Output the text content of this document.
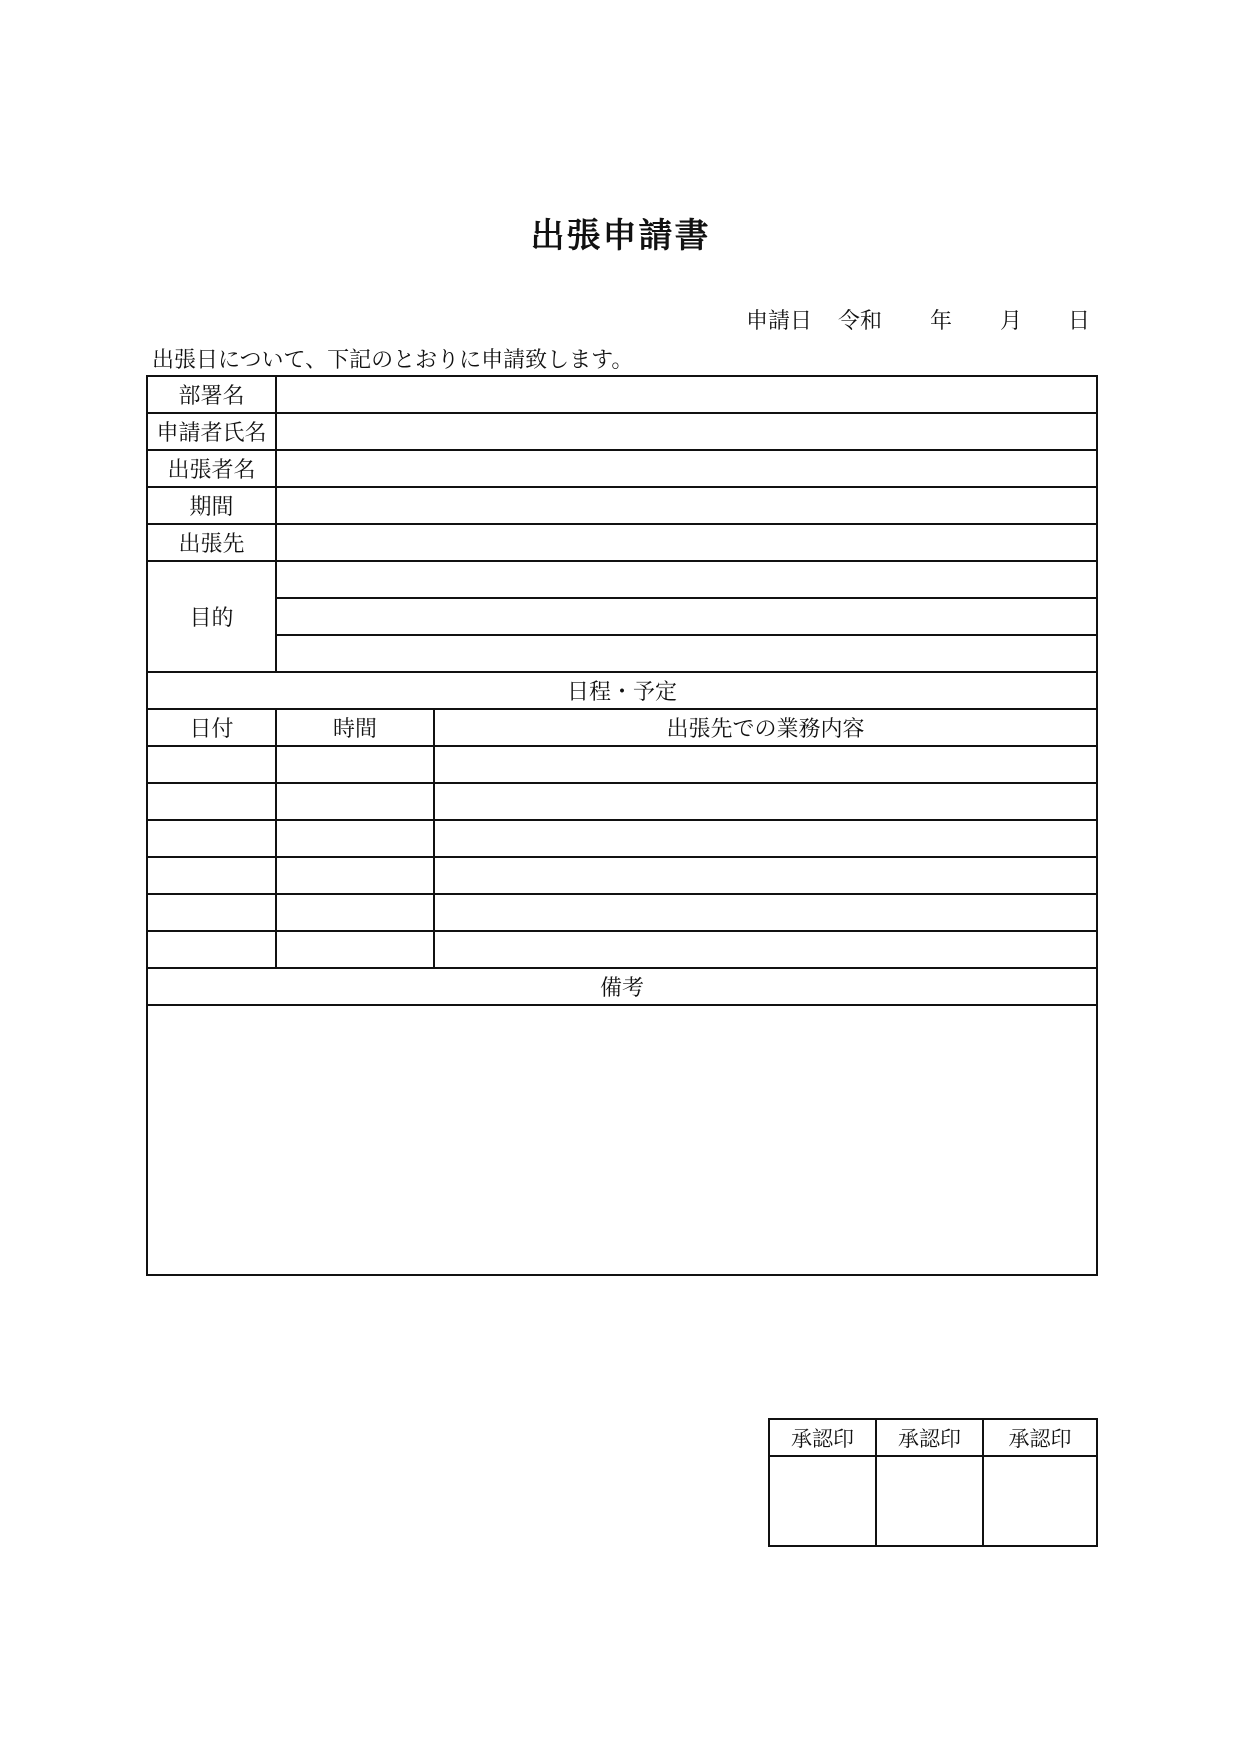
出張申請書
申請日 令和 年 月 日
出張日について、下記のとおりに申請致します。
部署名		
申請者氏名		
出張者名		
期間		
出張先		
目的		

日程・予定		
日付	時間	出張先での業務内容

備考		

承認印	承認印	承認印
